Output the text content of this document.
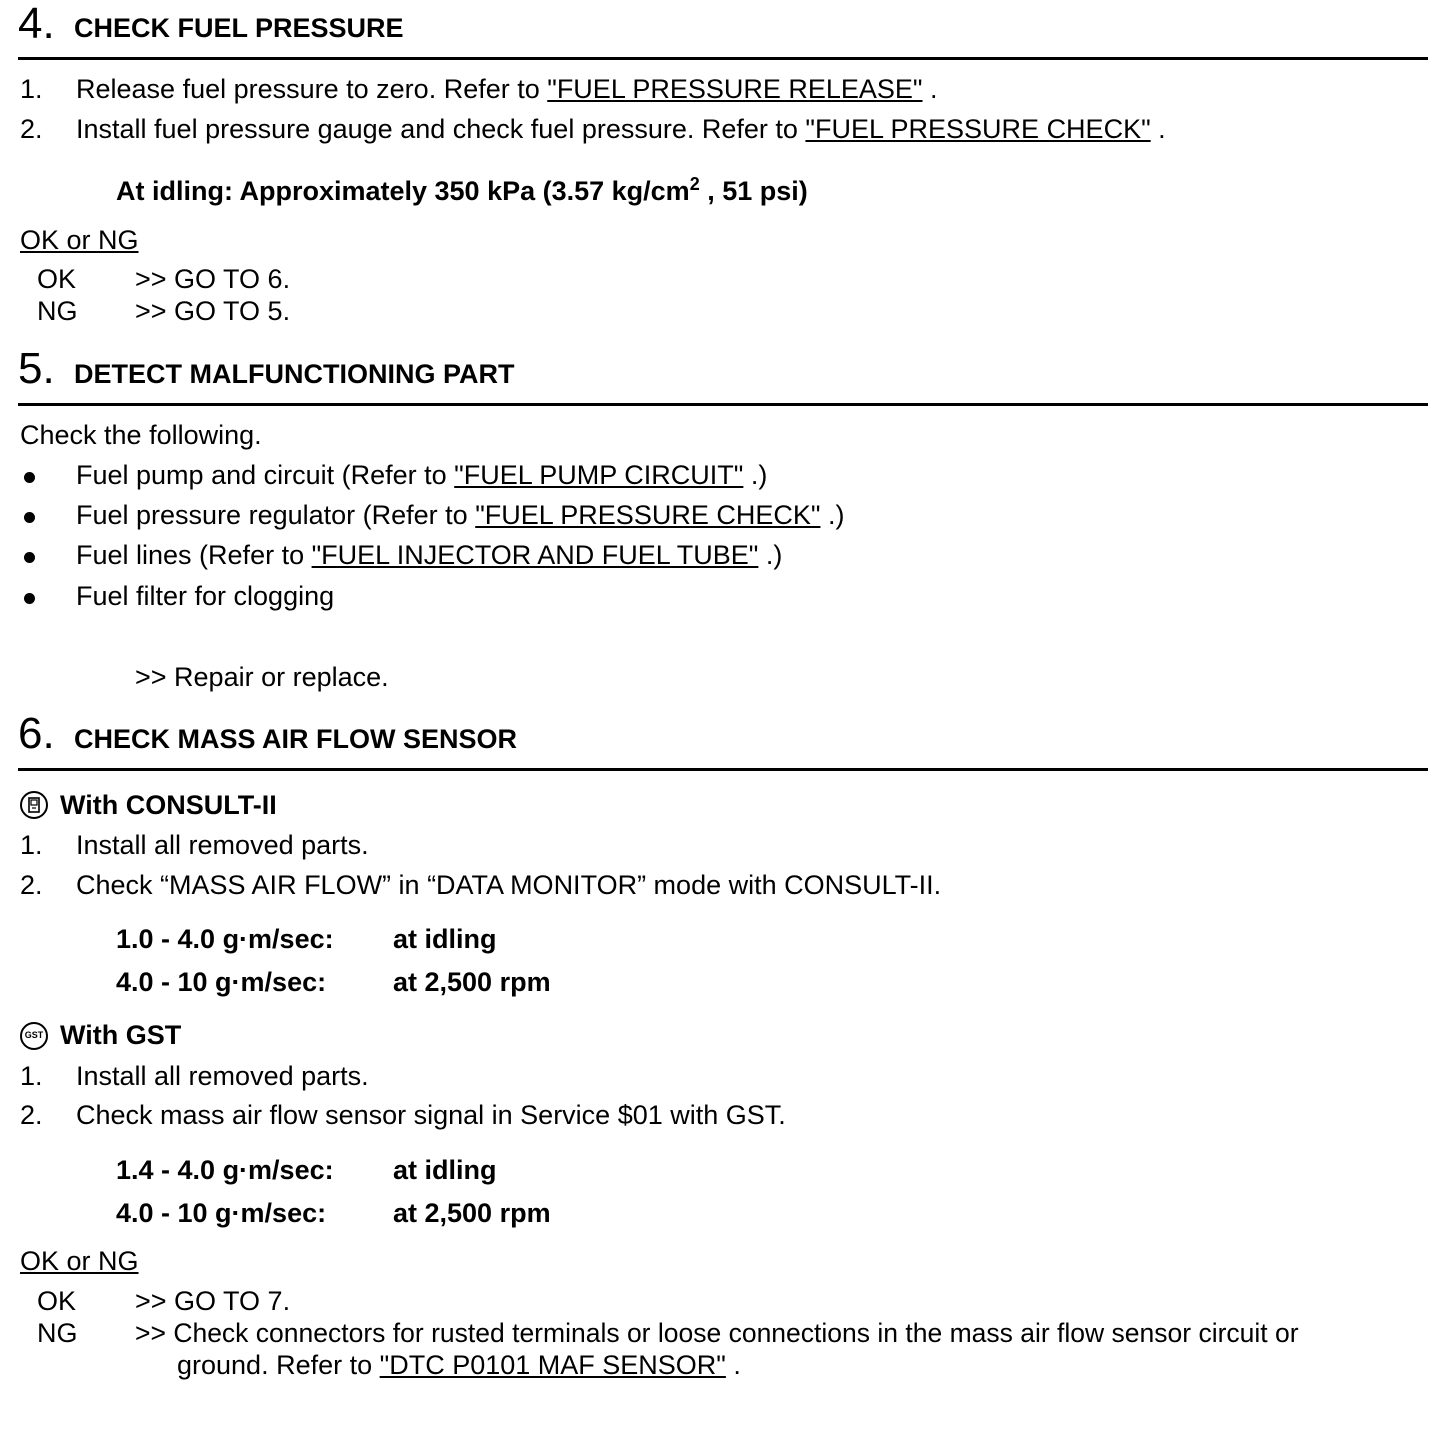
4. CHECK FUEL PRESSURE
1. Release fuel pressure to zero. Refer to "FUEL PRESSURE RELEASE" .
2. Install fuel pressure gauge and check fuel pressure. Refer to "FUEL PRESSURE CHECK" .
At idling: Approximately 350 kPa (3.57 $kg/cm^2$ , 51 psi)
OK or NG
OK >> GO TO 6.
NG >> GO TO 5.
5. DETECT MALFUNCTIONING PART
Check the following.
Fuel pump and circuit (Refer to "FUEL PUMP CIRCUIT" .)
Fuel pressure regulator (Refer to "FUEL PRESSURE CHECK" .)
Fuel lines (Refer to "FUEL INJECTOR AND FUEL TUBE" .)
Fuel filter for clogging
>> Repair or replace.
6. CHECK MASS AIR FLOW SENSOR
With CONSULT-II
1. Install all removed parts.
2. Check “MASS AIR FLOW” in “DATA MONITOR” mode with CONSULT-II.
1.0 - 4.0 g·m/sec: at idling
4.0 - 10 g·m/sec: at 2,500 rpm
GST With GST
1. Install all removed parts.
2. Check mass air flow sensor signal in Service $01 with GST.
1.4 - 4.0 g·m/sec: at idling
4.0 - 10 g·m/sec: at 2,500 rpm
OK or NG
OK >> GO TO 7.
NG >> Check connectors for rusted terminals or loose connections in the mass air flow sensor circuit or
ground. Refer to "DTC P0101 MAF SENSOR" .
